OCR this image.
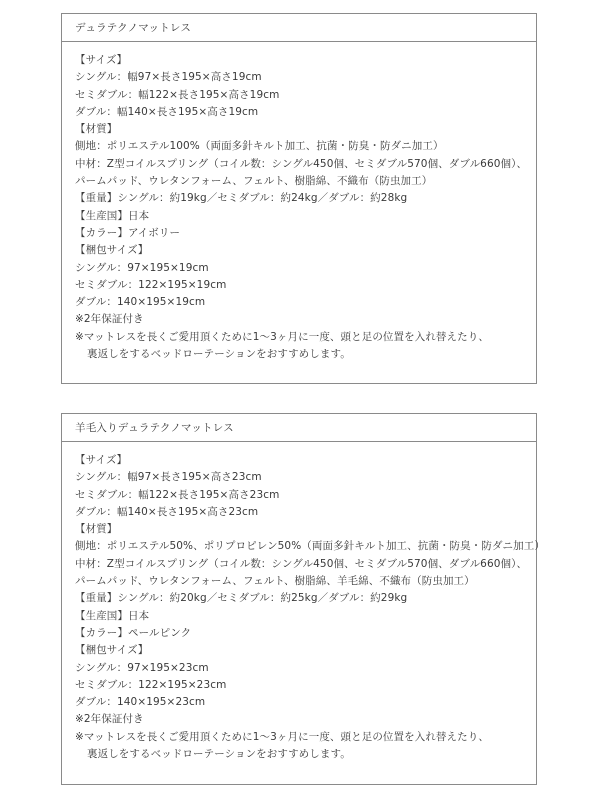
デュラテクノマットレス
【サイズ】
シングル：幅97×長さ195×高さ19cm
セミダブル：幅122×長さ195×高さ19cm
ダブル：幅140×長さ195×高さ19cm
【材質】
側地：ポリエステル100%（両面多針キルト加工、抗菌・防臭・防ダニ加工）
中材：Z型コイルスプリング（コイル数：シングル450個、セミダブル570個、ダブル660個）、
パームパッド、ウレタンフォーム、フェルト、樹脂綿、不織布（防虫加工）
【重量】シングル：約19kg／セミダブル：約24kg／ダブル：約28kg
【生産国】日本
【カラー】アイボリー
【梱包サイズ】
シングル：97×195×19cm
セミダブル：122×195×19cm
ダブル：140×195×19cm
※2年保証付き
※マットレスを長くご愛用頂くために1～3ヶ月に一度、頭と足の位置を入れ替えたり、
裏返しをするベッドローテーションをおすすめします。
羊毛入りデュラテクノマットレス
【サイズ】
シングル：幅97×長さ195×高さ23cm
セミダブル：幅122×長さ195×高さ23cm
ダブル：幅140×長さ195×高さ23cm
【材質】
側地：ポリエステル50%、ポリプロピレン50%（両面多針キルト加工、抗菌・防臭・防ダニ加工）
中材：Z型コイルスプリング（コイル数：シングル450個、セミダブル570個、ダブル660個）、
パームパッド、ウレタンフォーム、フェルト、樹脂綿、羊毛綿、不織布（防虫加工）
【重量】シングル：約20kg／セミダブル：約25kg／ダブル：約29kg
【生産国】日本
【カラー】ペールピンク
【梱包サイズ】
シングル：97×195×23cm
セミダブル：122×195×23cm
ダブル：140×195×23cm
※2年保証付き
※マットレスを長くご愛用頂くために1～3ヶ月に一度、頭と足の位置を入れ替えたり、
裏返しをするベッドローテーションをおすすめします。
